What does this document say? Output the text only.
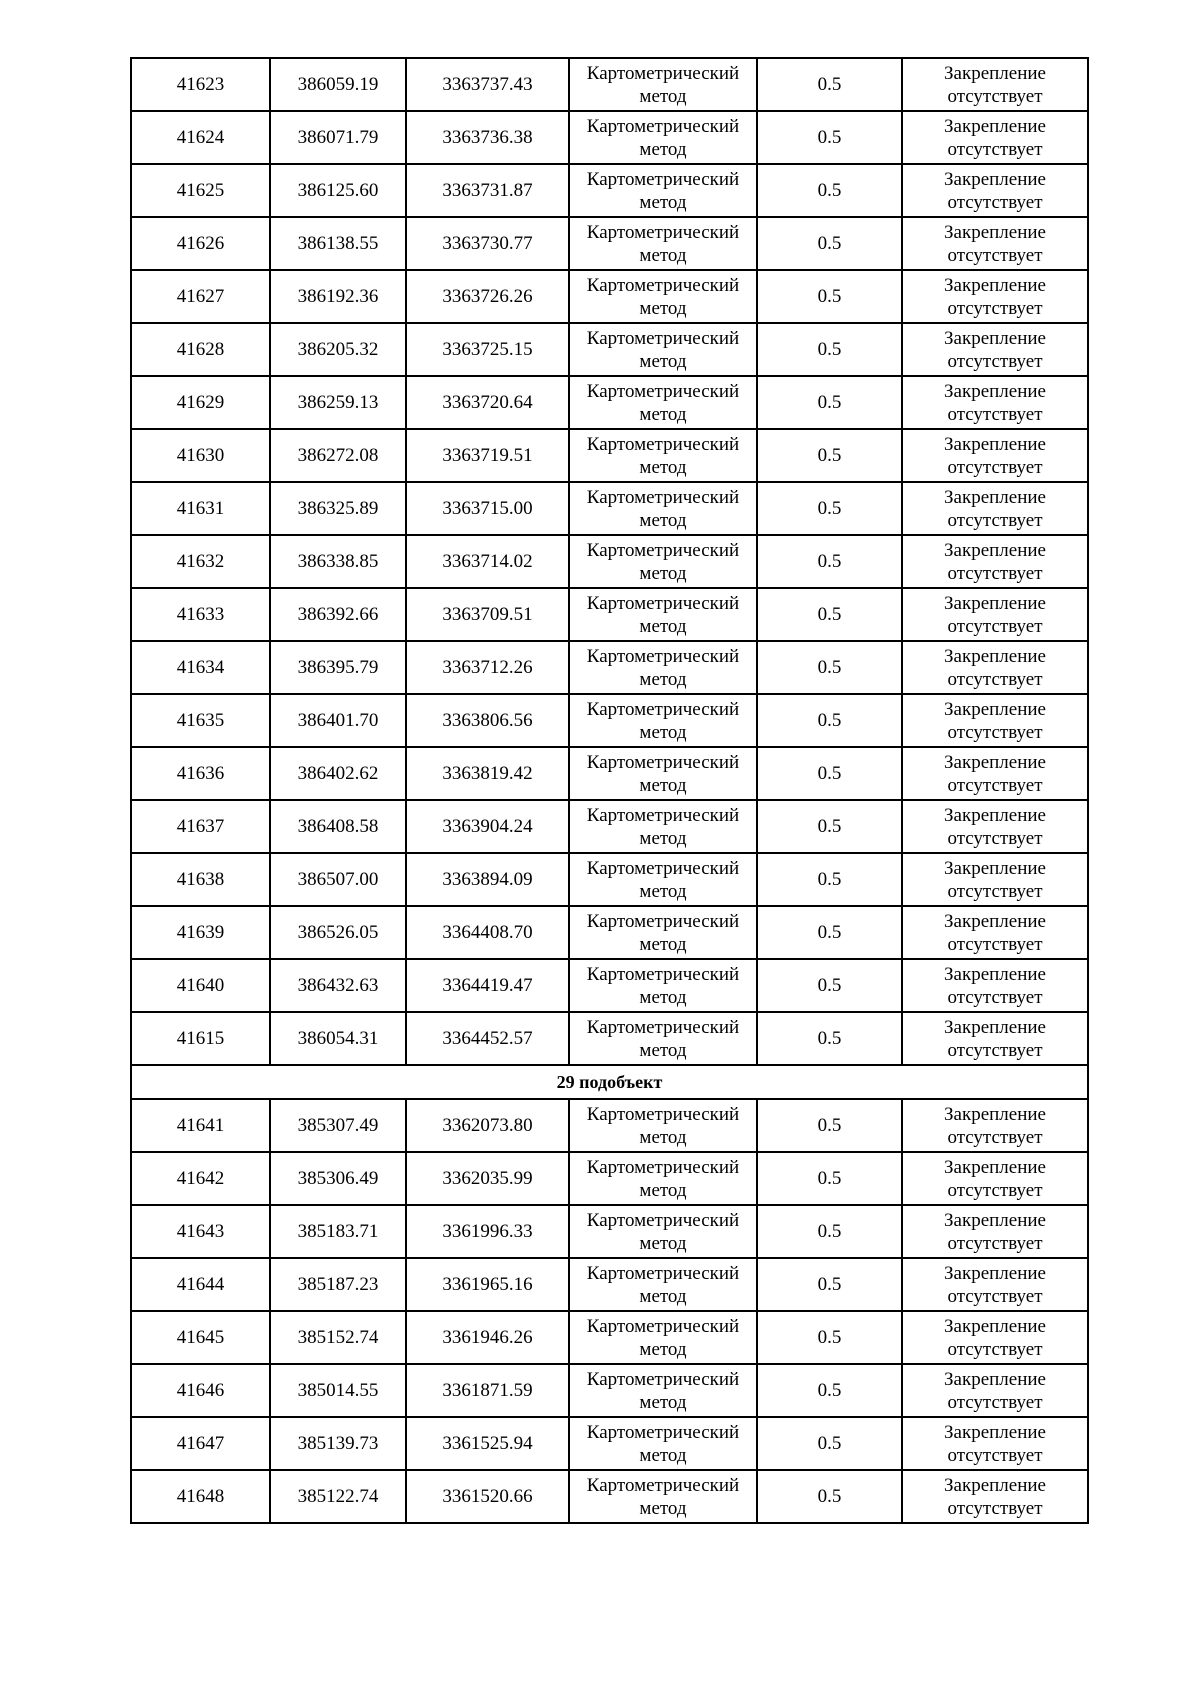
41623	386059.19	3363737.43	Картометрический
метод	0.5	Закрепление
отсутствует

41624	386071.79	3363736.38	Картометрический
метод	0.5	Закрепление
отсутствует

41625	386125.60	3363731.87	Картометрический
метод	0.5	Закрепление
отсутствует

41626	386138.55	3363730.77	Картометрический
метод	0.5	Закрепление
отсутствует

41627	386192.36	3363726.26	Картометрический
метод	0.5	Закрепление
отсутствует

41628	386205.32	3363725.15	Картометрический
метод	0.5	Закрепление
отсутствует

41629	386259.13	3363720.64	Картометрический
метод	0.5	Закрепление
отсутствует

41630	386272.08	3363719.51	Картометрический
метод	0.5	Закрепление
отсутствует

41631	386325.89	3363715.00	Картометрический
метод	0.5	Закрепление
отсутствует

41632	386338.85	3363714.02	Картометрический
метод	0.5	Закрепление
отсутствует

41633	386392.66	3363709.51	Картометрический
метод	0.5	Закрепление
отсутствует

41634	386395.79	3363712.26	Картометрический
метод	0.5	Закрепление
отсутствует

41635	386401.70	3363806.56	Картометрический
метод	0.5	Закрепление
отсутствует

41636	386402.62	3363819.42	Картометрический
метод	0.5	Закрепление
отсутствует

41637	386408.58	3363904.24	Картометрический
метод	0.5	Закрепление
отсутствует

41638	386507.00	3363894.09	Картометрический
метод	0.5	Закрепление
отсутствует

41639	386526.05	3364408.70	Картометрический
метод	0.5	Закрепление
отсутствует

41640	386432.63	3364419.47	Картометрический
метод	0.5	Закрепление
отсутствует

41615	386054.31	3364452.57	Картометрический
метод	0.5	Закрепление
отсутствует

29 подобъект					
41641	385307.49	3362073.80	Картометрический
метод	0.5	Закрепление
отсутствует

41642	385306.49	3362035.99	Картометрический
метод	0.5	Закрепление
отсутствует

41643	385183.71	3361996.33	Картометрический
метод	0.5	Закрепление
отсутствует

41644	385187.23	3361965.16	Картометрический
метод	0.5	Закрепление
отсутствует

41645	385152.74	3361946.26	Картометрический
метод	0.5	Закрепление
отсутствует

41646	385014.55	3361871.59	Картометрический
метод	0.5	Закрепление
отсутствует

41647	385139.73	3361525.94	Картометрический
метод	0.5	Закрепление
отсутствует

41648	385122.74	3361520.66	Картометрический
метод	0.5	Закрепление
отсутствует
